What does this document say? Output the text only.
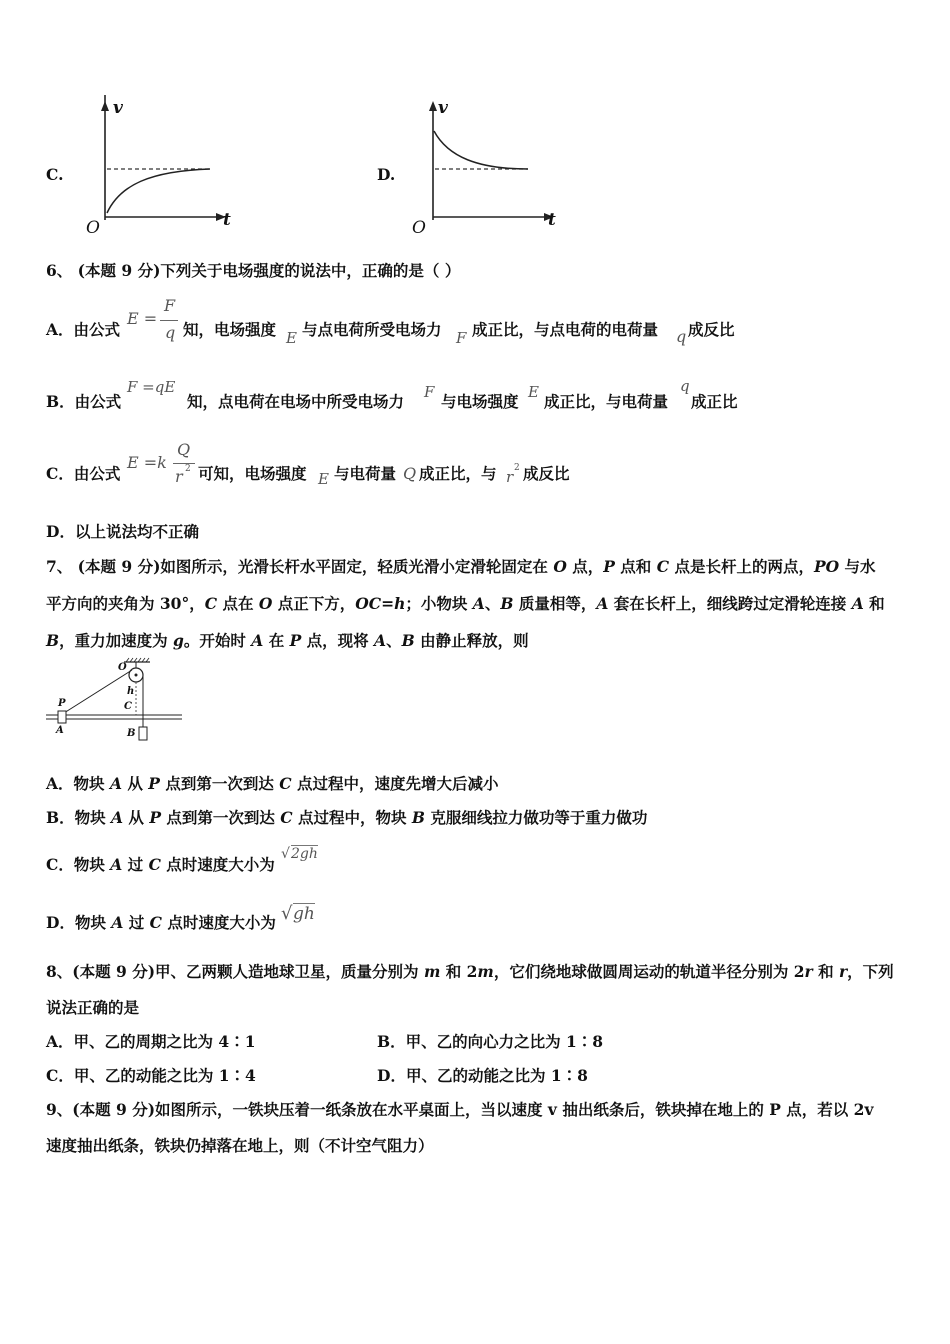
C.
v
t
O
D.
v
t
O
6、 (本题 9 分)下列关于电场强度的说法中，正确的是（ ）
A．由公式
E =
F
q 知，电场强度 E 与点电荷所受电场力 F 成正比，与点电荷的电荷量 q 成反比
B．由公式
F =qE
知，点电荷在电场中所受电场力 F 与电场强度 E 成正比，与电荷量
q
成正比
C．由公式
E =k
Q
r 2 可知，电场强度 E 与电荷量 Q 成正比，与 r 2 成反比
D．以上说法均不正确
7、 (本题 9 分)如图所示，光滑长杆水平固定，轻质光滑小定滑轮固定在 O 点，P 点和 C 点是长杆上的两点，PO 与水
平方向的夹角为 30°，C 点在 O 点正下方，OC=h；小物块 A、B 质量相等，A 套在长杆上，细线跨过定滑轮连接 A 和
B，重力加速度为 g。开始时 A 在 P 点，现将 A、B 由静止释放，则
O
h
C
P
A	B
A．物块 A 从 P 点到第一次到达 C 点过程中，速度先增大后减小
B．物块 A 从 P 点到第一次到达 C 点过程中，物块 B 克服细线拉力做功等于重力做功
C．物块 A 过 C 点时速度大小为
√ 2gh
D．物块 A 过 C 点时速度大小为 √ gh
8、(本题 9 分)甲、乙两颗人造地球卫星，质量分别为 m 和 2m，它们绕地球做圆周运动的轨道半径分别为 2r 和 r，下列
说法正确的是
A．甲、乙的周期之比为 4∶1	B．甲、乙的向心力之比为 1∶8
C．甲、乙的动能之比为 1∶4	D．甲、乙的动能之比为 1∶8
9、(本题 9 分)如图所示，一铁块压着一纸条放在水平桌面上，当以速度 v 抽出纸条后，铁块掉在地上的 P 点，若以 2v
速度抽出纸条，铁块仍掉落在地上，则（不计空气阻力）
